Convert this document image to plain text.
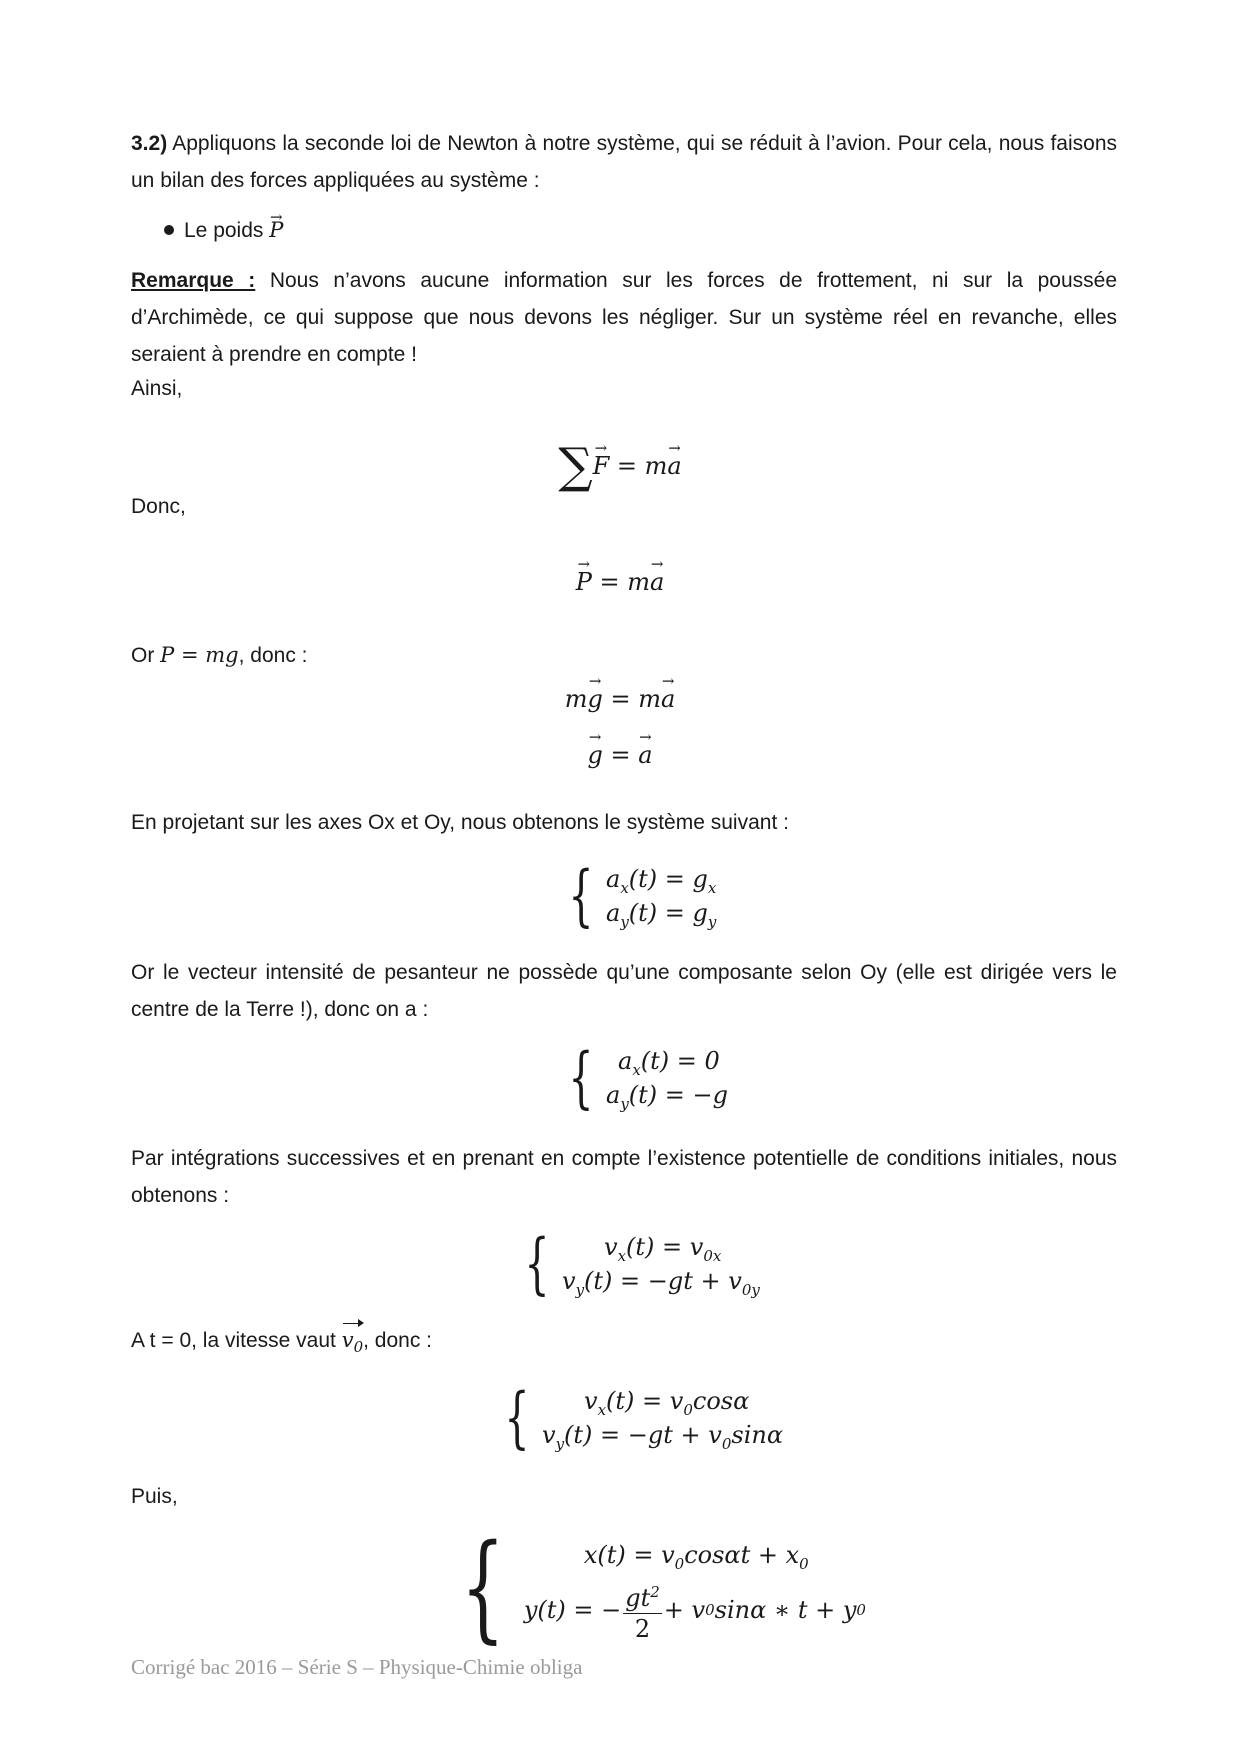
3.2) Appliquons la seconde loi de Newton à notre système, qui se réduit à l’avion. Pour cela, nous faisons un bilan des forces appliquées au système :

Le poids → P

Remarque : Nous n’avons aucune information sur les forces de frottement, ni sur la poussée d’Archimède, ce qui suppose que nous devons les négliger. Sur un système réel en revanche, elles seraient à prendre en compte !

Ainsi,

∑→ F = m→ a

Donc,

→ P = m→ a

Or P = mg, donc :

m→ g = m→ a

→ g = → a

En projetant sur les axes Ox et Oy, nous obtenons le système suivant :

{ $a_x(t) = g_x$
$a_y(t) = g_y$

Or le vecteur intensité de pesanteur ne possède qu’une composante selon Oy (elle est dirigée vers le centre de la Terre !), donc on a :

{	$a_x(t) = 0$
$a_y(t) = -g$

Par intégrations successives et en prenant en compte l’existence potentielle de conditions initiales, nous obtenons :

{	$v_x(t) = v_{0x}$
$v_y(t) = -gt + v_{0y}$

A t = 0, la vitesse vaut $v_0$, donc :

{	$v_x(t) = v_0\cos\alpha$
$v_y(t) = -gt + v_0\sin\alpha$

Puis,

{	$x(t) = v_0\cos\alpha t + x_0$
y(t) = − $\frac{gt^2}{2} + v$ 0 sinα ∗ t + y 0
Corrigé bac 2016 – Série S – Physique-Chimie obliga
